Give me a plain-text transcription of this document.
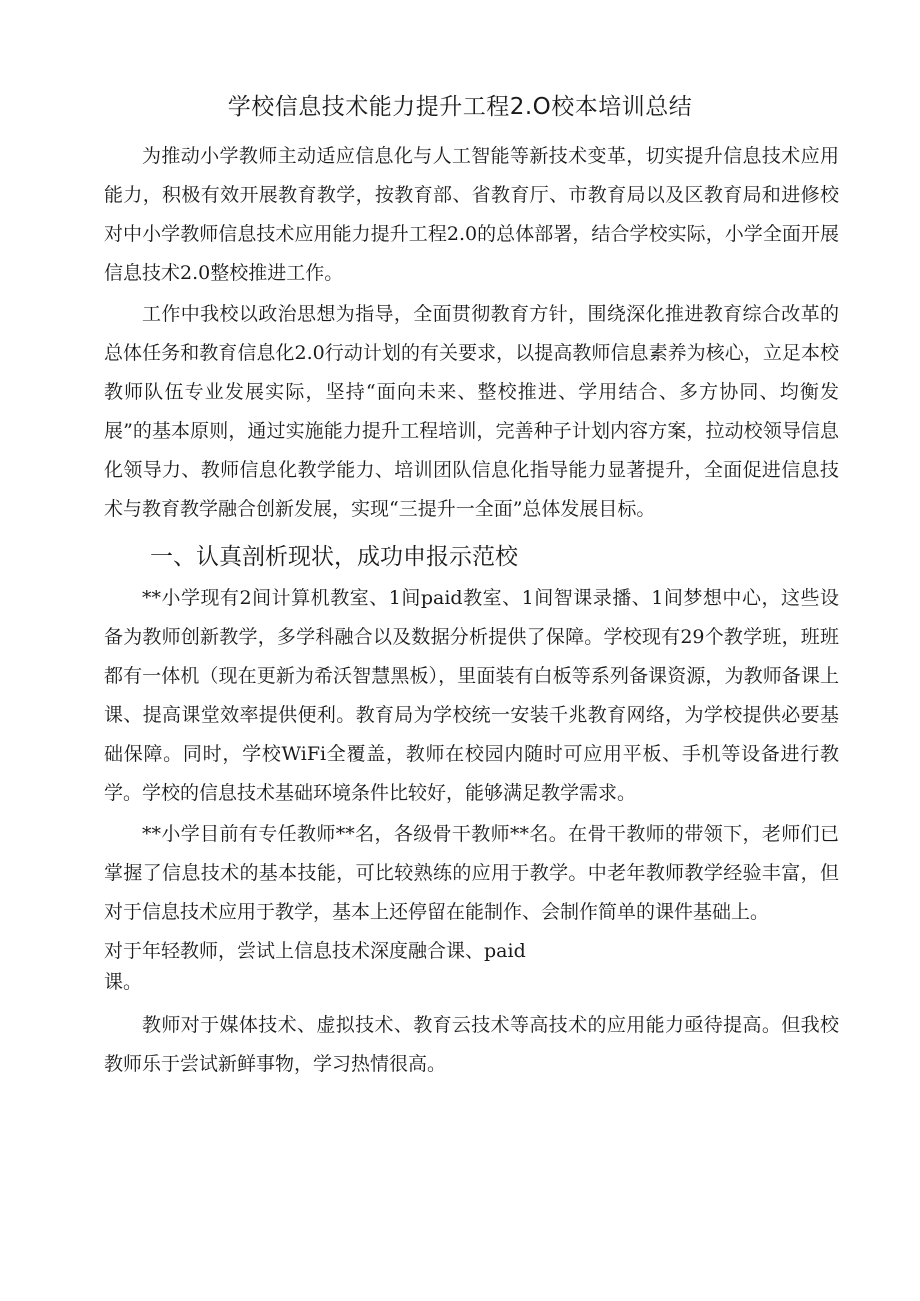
学校信息技术能力提升工程2.O校本培训总结

为推动小学教师主动适应信息化与人工智能等新技术变革，切实提升信息技术应用能力，积极有效开展教育教学，按教育部、省教育厅、市教育局以及区教育局和进修校对中小学教师信息技术应用能力提升工程2.0的总体部署，结合学校实际，小学全面开展信息技术2.0整校推进工作。

工作中我校以政治思想为指导，全面贯彻教育方针，围绕深化推进教育综合改革的总体任务和教育信息化2.0行动计划的有关要求，以提高教师信息素养为核心，立足本校教师队伍专业发展实际，坚持“面向未来、整校推进、学用结合、多方协同、均衡发展”的基本原则，通过实施能力提升工程培训，完善种子计划内容方案，拉动校领导信息化领导力、教师信息化教学能力、培训团队信息化指导能力显著提升，全面促进信息技术与教育教学融合创新发展，实现“三提升一全面”总体发展目标。

一、认真剖析现状，成功申报示范校

**小学现有2间计算机教室、1间paid教室、1间智课录播、1间梦想中心，这些设备为教师创新教学，多学科融合以及数据分析提供了保障。学校现有29个教学班，班班都有一体机（现在更新为希沃智慧黑板），里面装有白板等系列备课资源，为教师备课上课、提高课堂效率提供便利。教育局为学校统一安装千兆教育网络，为学校提供必要基础保障。同时，学校WiFi全覆盖，教师在校园内随时可应用平板、手机等设备进行教学。学校的信息技术基础环境条件比较好，能够满足教学需求。

**小学目前有专任教师**名，各级骨干教师**名。在骨干教师的带领下，老师们已掌握了信息技术的基本技能，可比较熟练的应用于教学。中老年教师教学经验丰富，但对于信息技术应用于教学，基本上还停留在能制作、会制作简单的课件基础上。

对于年轻教师，尝试上信息技术深度融合课、paid

课。

教师对于媒体技术、虚拟技术、教育云技术等高技术的应用能力亟待提高。但我校教师乐于尝试新鲜事物，学习热情很高。
